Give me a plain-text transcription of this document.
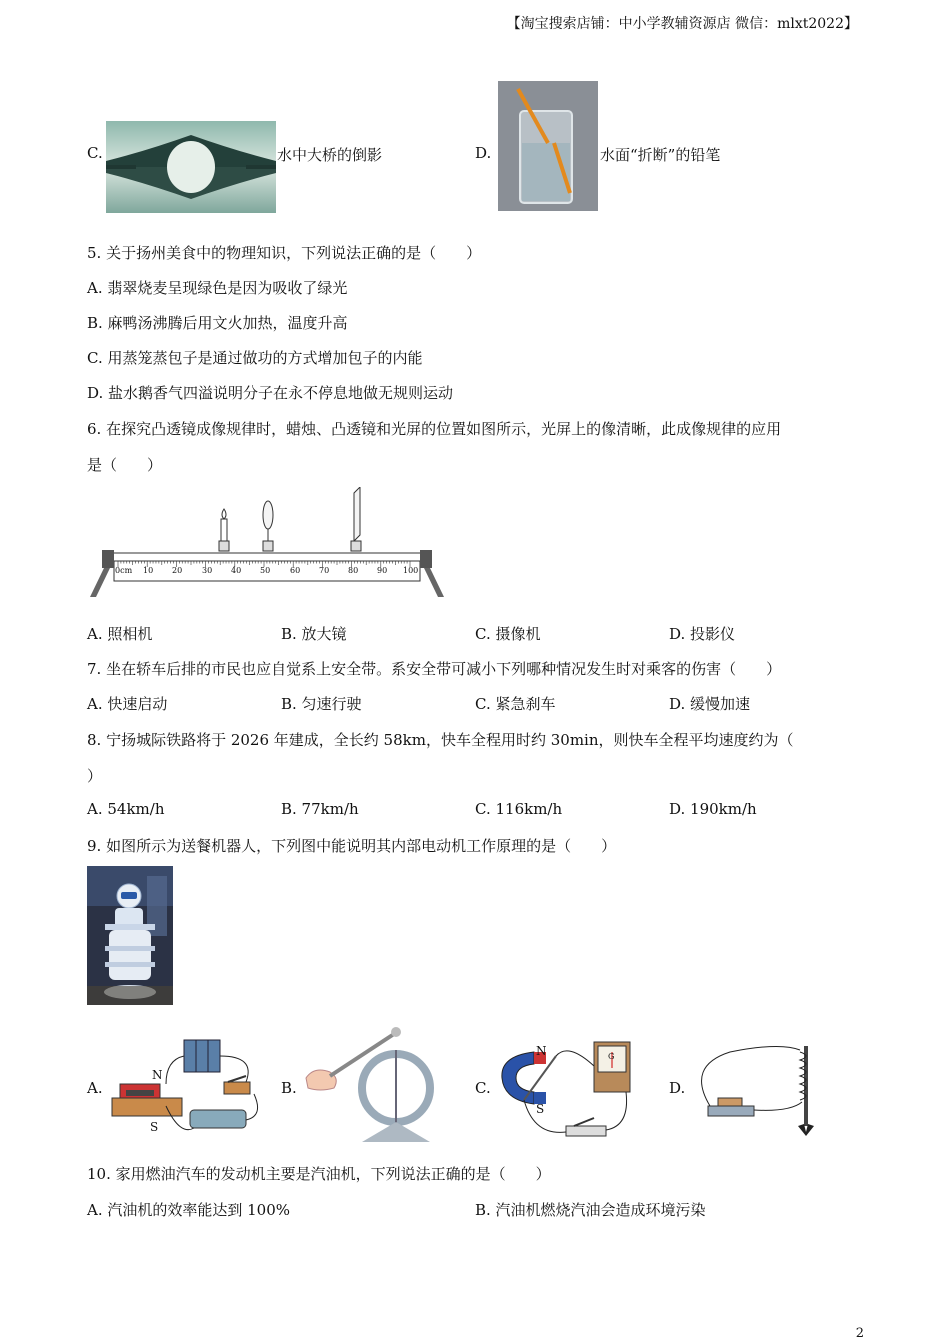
【淘宝搜索店铺：中小学教辅资源店 微信：mlxt2022】
C.	水中大桥的倒影	D.	水面“折断”的铅笔
5. 关于扬州美食中的物理知识，下列说法正确的是（　　）
A. 翡翠烧麦呈现绿色是因为吸收了绿光
B. 麻鸭汤沸腾后用文火加热，温度升高
C. 用蒸笼蒸包子是通过做功的方式增加包子的内能
D. 盐水鹅香气四溢说明分子在永不停息地做无规则运动
6. 在探究凸透镜成像规律时，蜡烛、凸透镜和光屏的位置如图所示，光屏上的像清晰，此成像规律的应用
是（　　）
0cm 10 20 30 40 50 60 70 80 90 100
A. 照相机	B. 放大镜	C. 摄像机	D. 投影仪
7. 坐在轿车后排的市民也应自觉系上安全带。系安全带可减小下列哪种情况发生时对乘客的伤害（　　）
A. 快速启动	B. 匀速行驶	C. 紧急刹车	D. 缓慢加速
8. 宁扬城际铁路将于 2026 年建成，全长约 58km，快车全程用时约 30min，则快车全程平均速度约为（
）
A. 54km/h	B. 77km/h	C. 116km/h	D. 190km/h
9. 如图所示为送餐机器人，下列图中能说明其内部电动机工作原理的是（　　）
A.
N
S
B.	C.
N
S
G
D.
10. 家用燃油汽车的发动机主要是汽油机，下列说法正确的是（　　）
A. 汽油机的效率能达到 100%	B. 汽油机燃烧汽油会造成环境污染
2
